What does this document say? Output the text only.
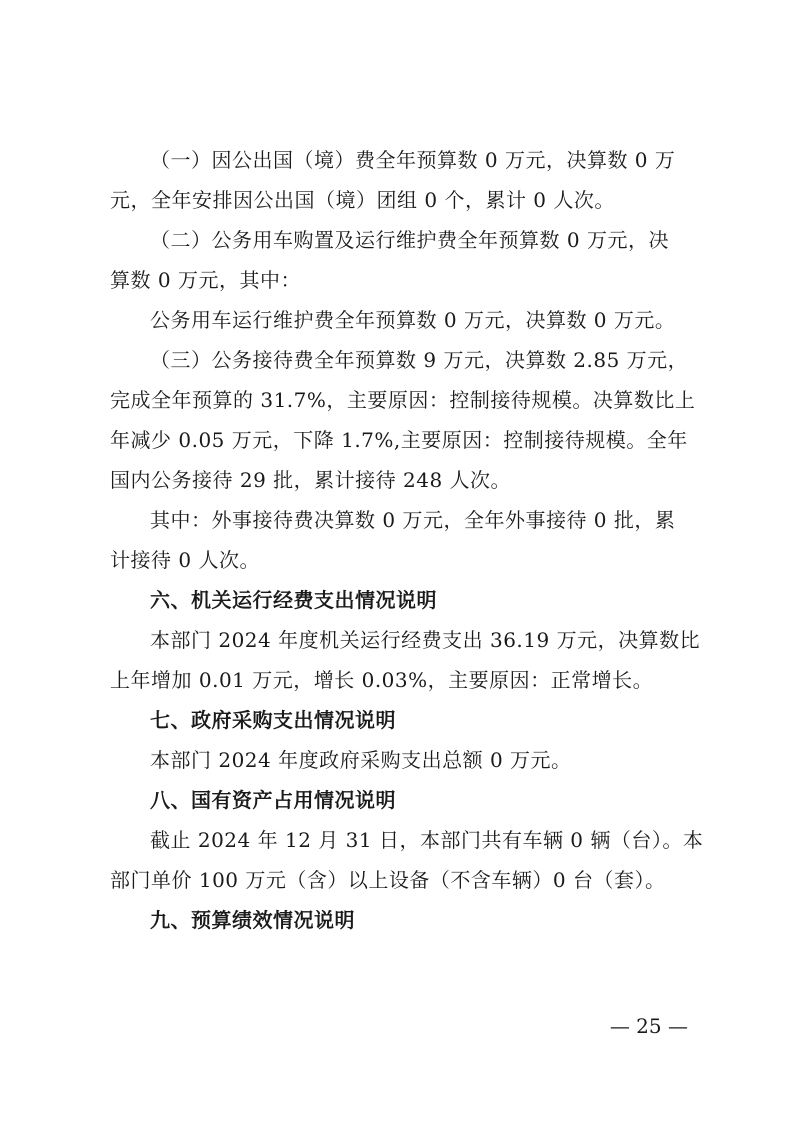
（一）因公出国（境）费全年预算数 0 万元，决算数 0 万
元，全年安排因公出国（境）团组 0 个，累计 0 人次。
（二）公务用车购置及运行维护费全年预算数 0 万元，决
算数 0 万元，其中：
公务用车运行维护费全年预算数 0 万元，决算数 0 万元。
（三）公务接待费全年预算数 9 万元，决算数 2.85 万元，
完成全年预算的 31.7%，主要原因：控制接待规模。决算数比上
年减少 0.05 万元，下降 1.7%,主要原因：控制接待规模。全年
国内公务接待 29 批，累计接待 248 人次。
其中：外事接待费决算数 0 万元，全年外事接待 0 批，累
计接待 0 人次。
六、机关运行经费支出情况说明
本部门 2024 年度机关运行经费支出 36.19 万元，决算数比
上年增加 0.01 万元，增长 0.03%，主要原因：正常增长。
七、政府采购支出情况说明
本部门 2024 年度政府采购支出总额 0 万元。
八、国有资产占用情况说明
截止 2024 年 12 月 31 日，本部门共有车辆 0 辆（台）。本
部门单价 100 万元（含）以上设备（不含车辆）0 台（套）。
九、预算绩效情况说明
— 25 —
